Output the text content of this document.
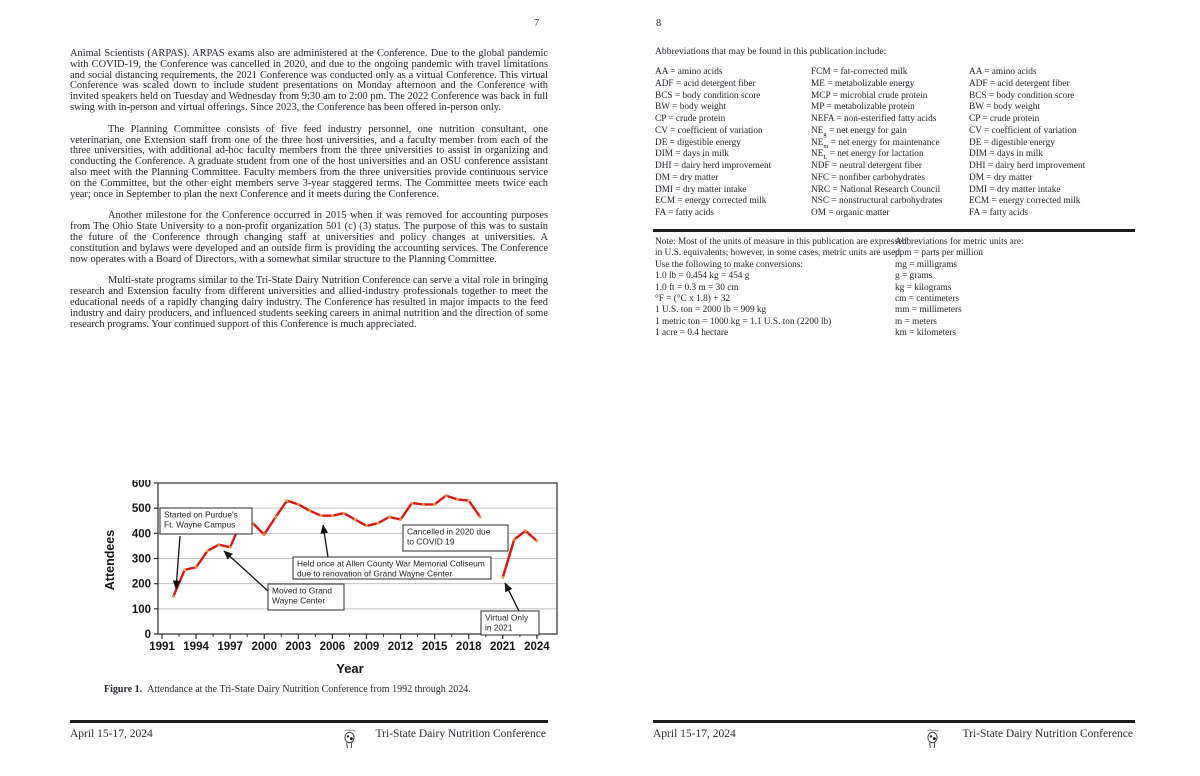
7	8

Animal Scientists (ARPAS). ARPAS exams also are administered at the Conference. Due to the global pandemic with COVID-19, the Conference was cancelled in 2020, and due to the ongoing pandemic with travel limitations and social distancing requirements, the 2021 Conference was conducted only as a virtual Conference. This virtual Conference was scaled down to include student presentations on Monday afternoon and the Conference with invited speakers held on Tuesday and Wednesday from 9:30 am to 2:00 pm. The 2022 Conference was back in full swing with in-person and virtual offerings. Since 2023, the Conference has been offered in-person only.

The Planning Committee consists of five feed industry personnel, one nutrition consultant, one veterinarian, one Extension staff from one of the three host universities, and a faculty member from each of the three universities, with additional ad-hoc faculty members from the three universities to assist in organizing and conducting the Conference. A graduate student from one of the host universities and an OSU conference assistant also meet with the Planning Committee. Faculty members from the three universities provide continuous service on the Committee, but the other eight members serve 3-year staggered terms. The Committee meets twice each year; once in September to plan the next Conference and it meets during the Conference.

Another milestone for the Conference occurred in 2015 when it was removed for accounting purposes from The Ohio State University to a non-profit organization 501 (c) (3) status. The purpose of this was to sustain the future of the Conference through changing staff at universities and policy changes at universities. A constitution and bylaws were developed and an outside firm is providing the accounting services. The Conference now operates with a Board of Directors, with a somewhat similar structure to the Planning Committee.

Multi-state programs similar to the Tri-State Dairy Nutrition Conference can serve a vital role in bringing research and Extension faculty from different universities and allied-industry professionals together to meet the educational needs of a rapidly changing dairy industry. The Conference has resulted in major impacts to the feed industry and dairy producers, and influenced students seeking careers in animal nutrition and the direction of some research programs. Your continued support of this Conference is much appreciated.

0
100
200
300
400
500
600
1991 1994 1997 2000 2003 2006 2009 2012 2015 2018 2021 2024
Started on Purdue's
Ft. Wayne Campus
Moved to Grand
Wayne Center
Held once at Allen County War Memorial Coliseum
due to renovation of Grand Wayne Center
Cancelled in 2020 due
to COVID 19
Virtual Only
in 2021
Attendees
Year
Figure 1. Attendance at the Tri-State Dairy Nutrition Conference from 1992 through 2024.
April 15-17, 2024	Tri-State Dairy Nutrition Conference
Abbreviations that may be found in this publication include:
AA = amino acids
ADF = acid detergent fiber
BCS = body condition score
BW = body weight
CP = crude protein
CV = coefficient of variation
DE = digestible energy
DIM = days in milk
DHI = dairy herd improvement
DM = dry matter
DMI = dry matter intake
ECM = energy corrected milk
FA = fatty acids
FCM = fat-corrected milk
ME = metabolizable energy
MCP = microbial crude protein
MP = metabolizable protein
NEFA = non-esterified fatty acids
$NE_g$ = net energy for gain
$NE_m$ = net energy for maintenance
$NE_L$ = net energy for lactation
NDF = neutral detergent fiber
NFC = nonfiber carbohydrates
NRC = National Research Council
NSC = nonstructural carbohydrates
OM = organic matter
AA = amino acids
ADF = acid detergent fiber
BCS = body condition score
BW = body weight
CP = crude protein
CV = coefficient of variation
DE = digestible energy
DIM = days in milk
DHI = dairy herd improvement
DM = dry matter
DMI = dry matter intake
ECM = energy corrected milk
FA = fatty acids
Note: Most of the units of measure in this publication are expressed
in U.S. equivalents; however, in some cases, metric units are used.
Use the following to make conversions:
1.0 lb = 0.454 kg = 454 g
1.0 ft = 0.3 m = 30 cm
°F = (°C x 1.8) + 32
1 U.S. ton = 2000 lb = 909 kg
1 metric ton = 1000 kg = 1.1 U.S. ton (2200 lb)
1 acre = 0.4 hectare
Abbreviations for metric units are:
ppm = parts per million
mg = milligrams
g = grams
kg = kilograms
cm = centimeters
mm = millimeters
m = meters
km = kilometers
April 15-17, 2024	Tri-State Dairy Nutrition Conference
